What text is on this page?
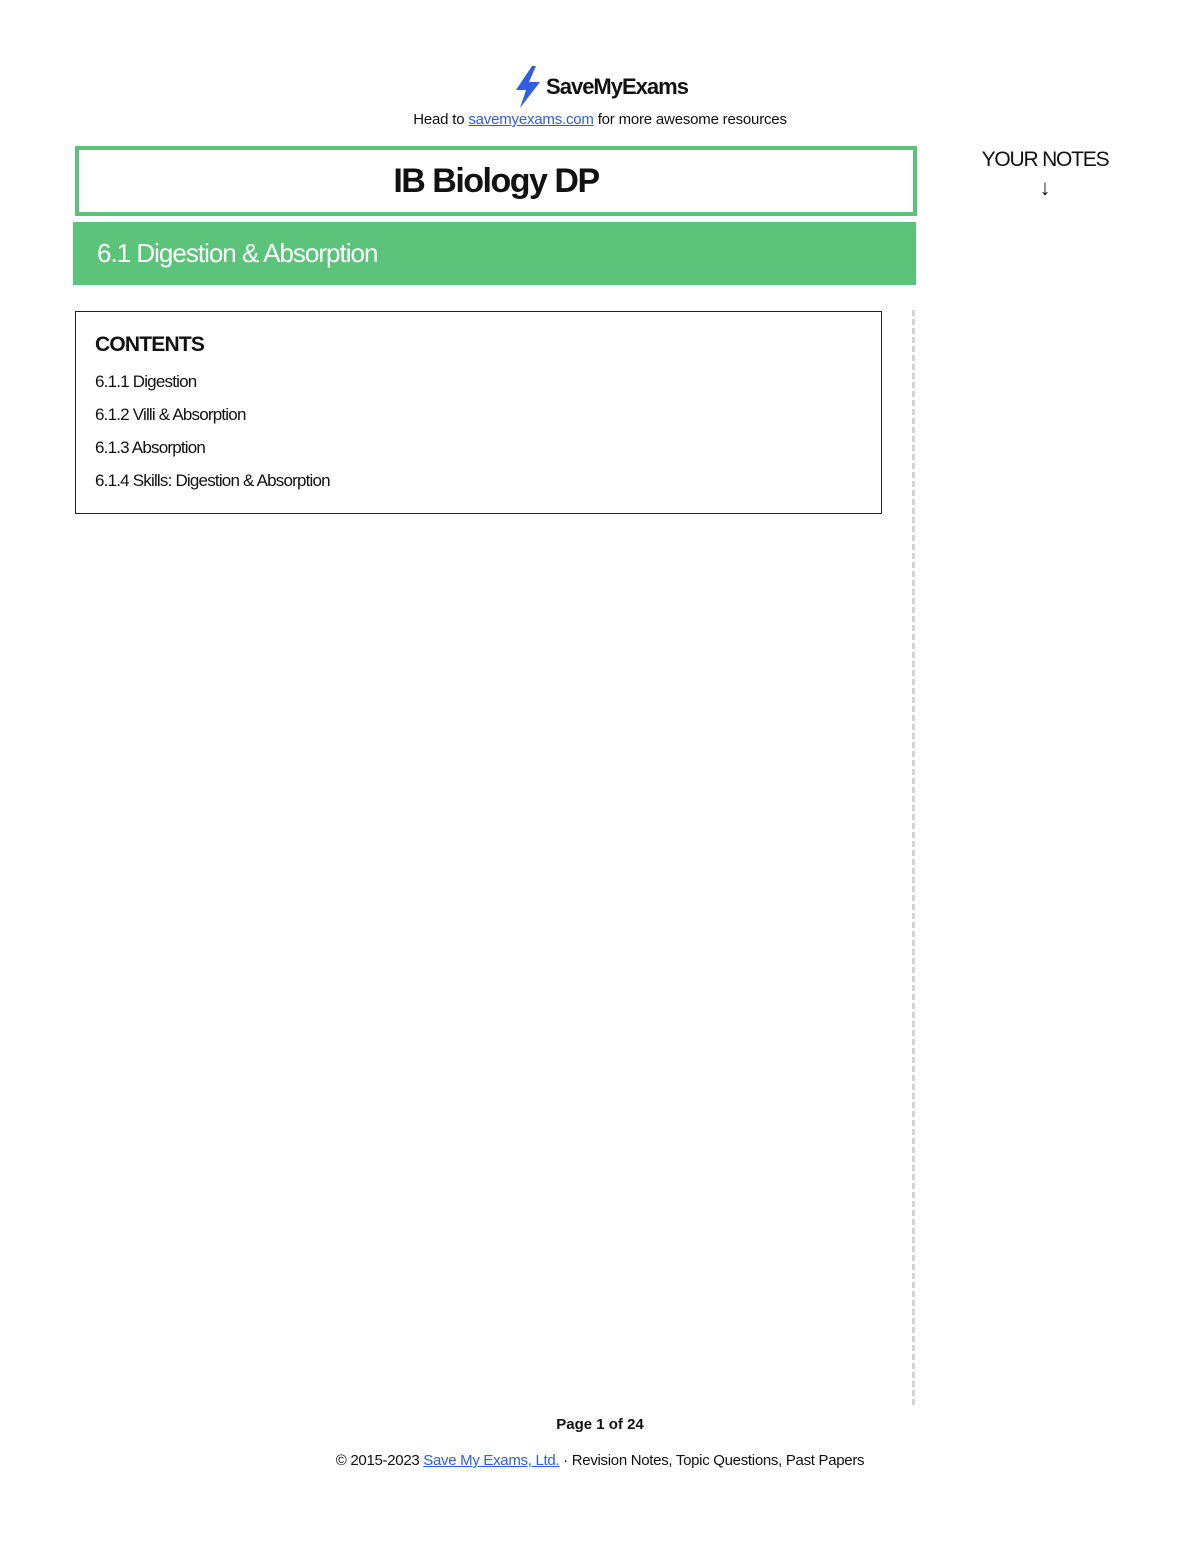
SaveMyExams
Head to savemyexams.com for more awesome resources
IB Biology DP
6.1 Digestion & Absorption
YOUR NOTES
↓
CONTENTS
6.1.1 Digestion
6.1.2 Villi & Absorption
6.1.3 Absorption
6.1.4 Skills: Digestion & Absorption
Page 1 of 24
© 2015-2023 Save My Exams, Ltd. · Revision Notes, Topic Questions, Past Papers
